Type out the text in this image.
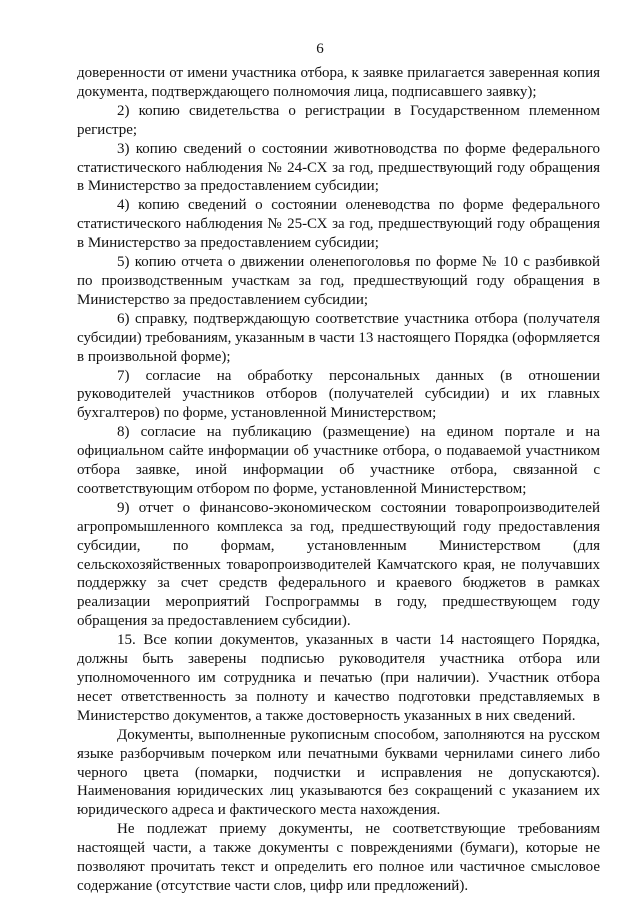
6

доверенности от имени участника отбора, к заявке прилагается заверенная копия документа, подтверждающего полномочия лица, подписавшего заявку);

2) копию свидетельства о регистрации в Государственном племенном регистре;

3) копию сведений о состоянии животноводства по форме федерального статистического наблюдения № 24-СХ за год, предшествующий году обращения в Министерство за предоставлением субсидии;

4) копию сведений о состоянии оленеводства по форме федерального статистического наблюдения № 25-СХ за год, предшествующий году обращения в Министерство за предоставлением субсидии;

5) копию отчета о движении оленепоголовья по форме № 10 с разбивкой по производственным участкам за год, предшествующий году обращения в Министерство за предоставлением субсидии;

6) справку, подтверждающую соответствие участника отбора (получателя субсидии) требованиям, указанным в части 13 настоящего Порядка (оформляется в произвольной форме);

7) согласие на обработку персональных данных (в отношении руководителей участников отборов (получателей субсидии) и их главных бухгалтеров) по форме, установленной Министерством;

8) согласие на публикацию (размещение) на едином портале и на официальном сайте информации об участнике отбора, о подаваемой участником отбора заявке, иной информации об участнике отбора, связанной с соответствующим отбором по форме, установленной Министерством;

9) отчет о финансово-экономическом состоянии товаропроизводителей агропромышленного комплекса за год, предшествующий году предоставления субсидии, по формам, установленным Министерством (для сельскохозяйственных товаропроизводителей Камчатского края, не получавших поддержку за счет средств федерального и краевого бюджетов в рамках реализации мероприятий Госпрограммы в году, предшествующем году обращения за предоставлением субсидии).

15. Все копии документов, указанных в части 14 настоящего Порядка, должны быть заверены подписью руководителя участника отбора или уполномоченного им сотрудника и печатью (при наличии). Участник отбора несет ответственность за полноту и качество подготовки представляемых в Министерство документов, а также достоверность указанных в них сведений.

Документы, выполненные рукописным способом, заполняются на русском языке разборчивым почерком или печатными буквами чернилами синего либо черного цвета (помарки, подчистки и исправления не допускаются). Наименования юридических лиц указываются без сокращений с указанием их юридического адреса и фактического места нахождения.

Не подлежат приему документы, не соответствующие требованиям настоящей части, а также документы с повреждениями (бумаги), которые не позволяют прочитать текст и определить его полное или частичное смысловое содержание (отсутствие части слов, цифр или предложений).
